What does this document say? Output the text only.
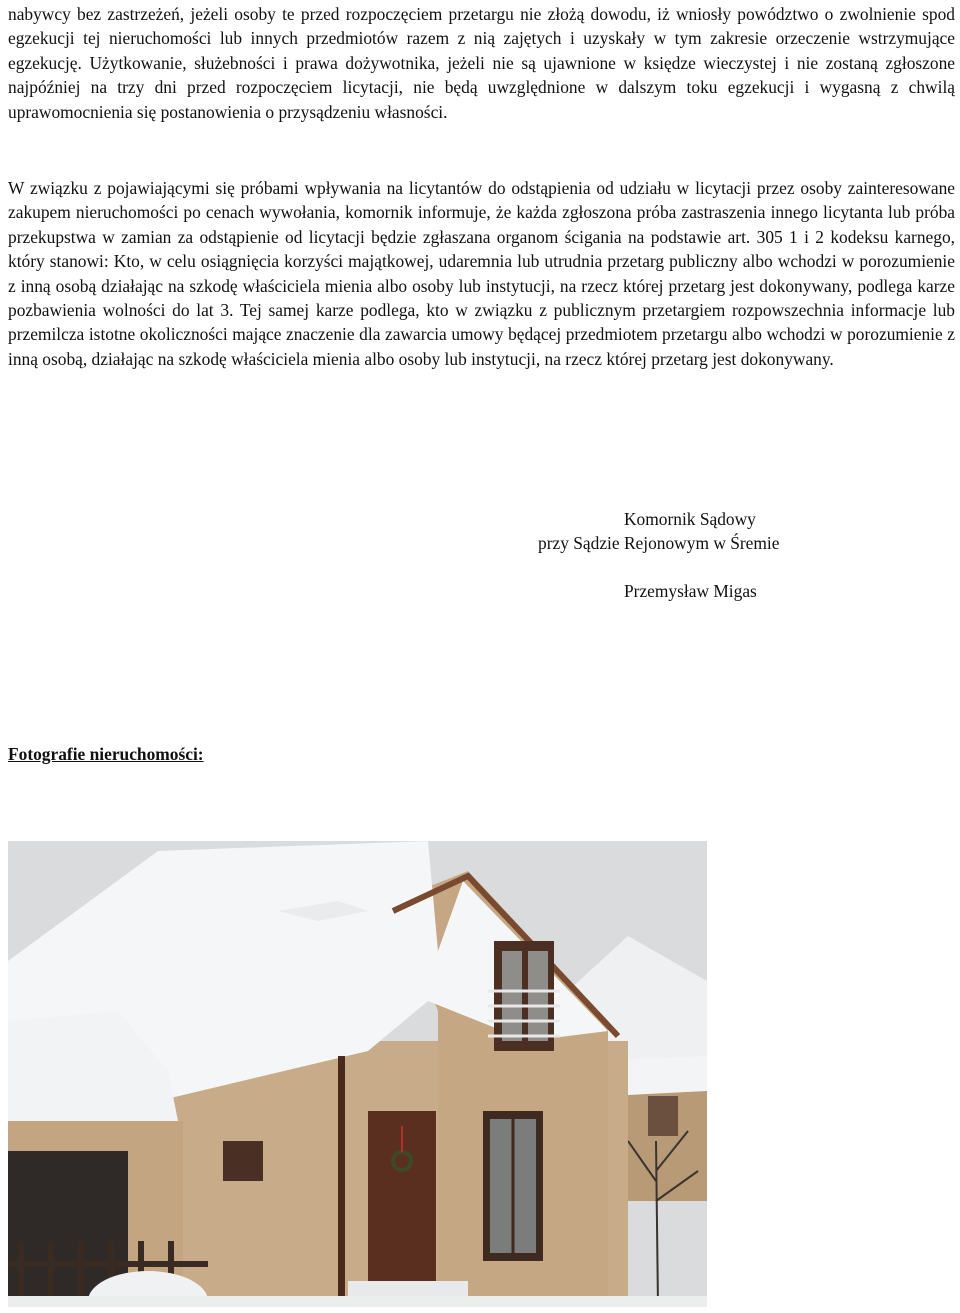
nabywcy bez zastrzeżeń, jeżeli osoby te przed rozpoczęciem przetargu nie złożą dowodu, iż wniosły powództwo o zwolnienie spod egzekucji tej nieruchomości lub innych przedmiotów razem z nią zajętych i uzyskały w tym zakresie orzeczenie wstrzymujące egzekucję. Użytkowanie, służebności i prawa dożywotnika, jeżeli nie są ujawnione w księdze wieczystej i nie zostaną zgłoszone najpóźniej na trzy dni przed rozpoczęciem licytacji, nie będą uwzględnione w dalszym toku egzekucji i wygasną z chwilą uprawomocnienia się postanowienia o przysądzeniu własności.

W związku z pojawiającymi się próbami wpływania na licytantów do odstąpienia od udziału w licytacji przez osoby zainteresowane zakupem nieruchomości po cenach wywołania, komornik informuje, że każda zgłoszona próba zastraszenia innego licytanta lub próba przekupstwa w zamian za odstąpienie od licytacji będzie zgłaszana organom ścigania na podstawie art. 305 1 i 2 kodeksu karnego, który stanowi: Kto, w celu osiągnięcia korzyści majątkowej, udaremnia lub utrudnia przetarg publiczny albo wchodzi w porozumienie z inną osobą działając na szkodę właściciela mienia albo osoby lub instytucji, na rzecz której przetarg jest dokonywany, podlega karze pozbawienia wolności do lat 3. Tej samej karze podlega, kto w związku z publicznym przetargiem rozpowszechnia informacje lub przemilcza istotne okoliczności mające znaczenie dla zawarcia umowy będącej przedmiotem przetargu albo wchodzi w porozumienie z inną osobą, działając na szkodę właściciela mienia albo osoby lub instytucji, na rzecz której przetarg jest dokonywany.

Komornik Sądowy
przy Sądzie Rejonowym w Śremie
Przemysław Migas
Fotografie nieruchomości:
